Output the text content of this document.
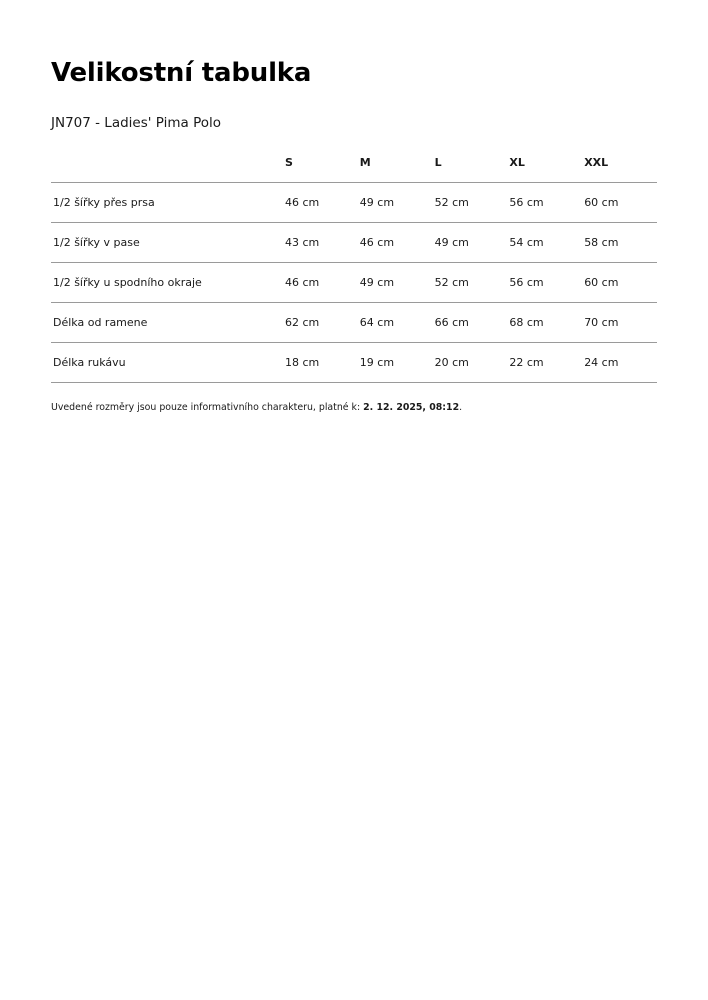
Velikostní tabulka

JN707 - Ladies' Pima Polo

	S	M	L	XL	XXL
1/2 šířky přes prsa	46 cm	49 cm	52 cm	56 cm	60 cm
1/2 šířky v pase	43 cm	46 cm	49 cm	54 cm	58 cm
1/2 šířky u spodního okraje	46 cm	49 cm	52 cm	56 cm	60 cm
Délka od ramene	62 cm	64 cm	66 cm	68 cm	70 cm
Délka rukávu	18 cm	19 cm	20 cm	22 cm	24 cm

Uvedené rozměry jsou pouze informativního charakteru, platné k: 2. 12. 2025, 08:12.
